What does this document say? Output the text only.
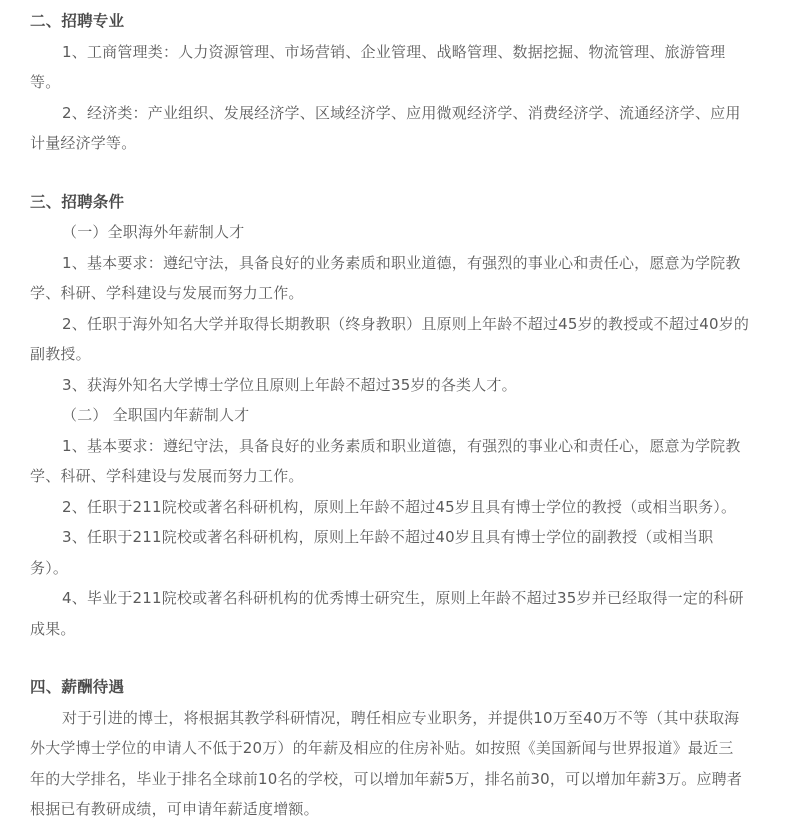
二、招聘专业
1、工商管理类：人力资源管理、市场营销、企业管理、战略管理、数据挖掘、物流管理、旅游管理
等。
2、经济类：产业组织、发展经济学、区域经济学、应用微观经济学、消费经济学、流通经济学、应用
计量经济学等。
三、招聘条件
（一）全职海外年薪制人才
1、基本要求：遵纪守法，具备良好的业务素质和职业道德，有强烈的事业心和责任心，愿意为学院教
学、科研、学科建设与发展而努力工作。
2、任职于海外知名大学并取得长期教职（终身教职）且原则上年龄不超过45岁的教授或不超过40岁的
副教授。
3、获海外知名大学博士学位且原则上年龄不超过35岁的各类人才。
（二） 全职国内年薪制人才
1、基本要求：遵纪守法，具备良好的业务素质和职业道德，有强烈的事业心和责任心，愿意为学院教
学、科研、学科建设与发展而努力工作。
2、任职于211院校或著名科研机构，原则上年龄不超过45岁且具有博士学位的教授（或相当职务）。
3、任职于211院校或著名科研机构，原则上年龄不超过40岁且具有博士学位的副教授（或相当职
务）。
4、毕业于211院校或著名科研机构的优秀博士研究生，原则上年龄不超过35岁并已经取得一定的科研
成果。
四、薪酬待遇
对于引进的博士，将根据其教学科研情况，聘任相应专业职务，并提供10万至40万不等（其中获取海
外大学博士学位的申请人不低于20万）的年薪及相应的住房补贴。如按照《美国新闻与世界报道》最近三
年的大学排名，毕业于排名全球前10名的学校，可以增加年薪5万，排名前30，可以增加年薪3万。应聘者
根据已有教研成绩，可申请年薪适度增额。
